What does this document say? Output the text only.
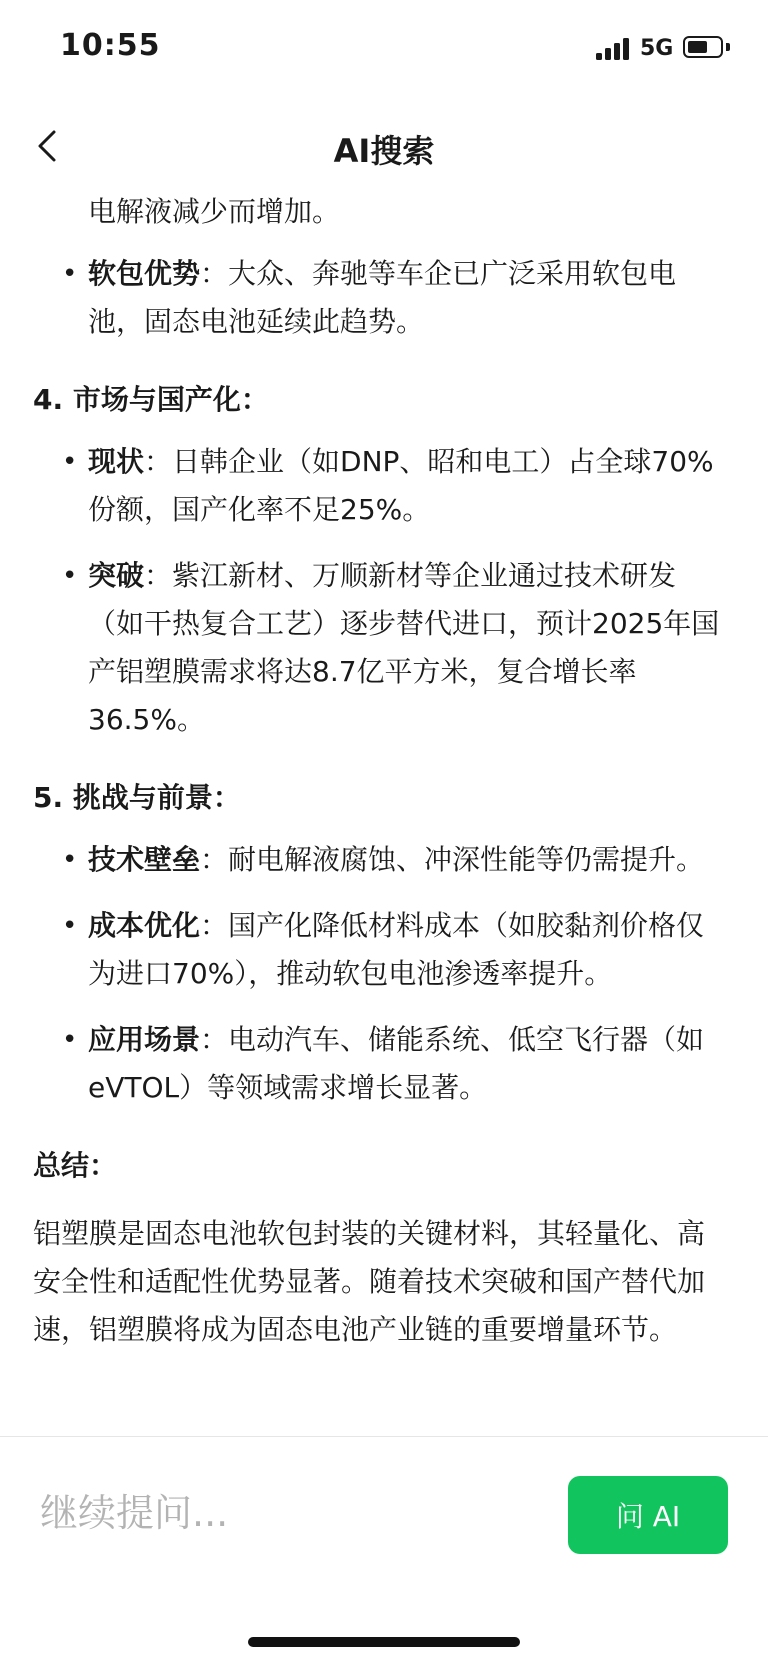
10:55	5G
AI搜索
电解液减少而增加。
• 软包优势：大众、奔驰等车企已广泛采用软包电池，固态电池延续此趋势。
4. 市场与国产化：
• 现状：日韩企业（如DNP、昭和电工）占全球70%份额，国产化率不足25%。
• 突破：紫江新材、万顺新材等企业通过技术研发（如干热复合工艺）逐步替代进口，预计2025年国产铝塑膜需求将达8.7亿平方米，复合增长率36.5%。
5. 挑战与前景：
• 技术壁垒：耐电解液腐蚀、冲深性能等仍需提升。
• 成本优化：国产化降低材料成本（如胶黏剂价格仅为进口70%），推动软包电池渗透率提升。
• 应用场景：电动汽车、储能系统、低空飞行器（如eVTOL）等领域需求增长显著。
总结：
铝塑膜是固态电池软包封装的关键材料，其轻量化、高安全性和适配性优势显著。随着技术突破和国产替代加速，铝塑膜将成为固态电池产业链的重要增量环节。
继续提问...
问 AI
